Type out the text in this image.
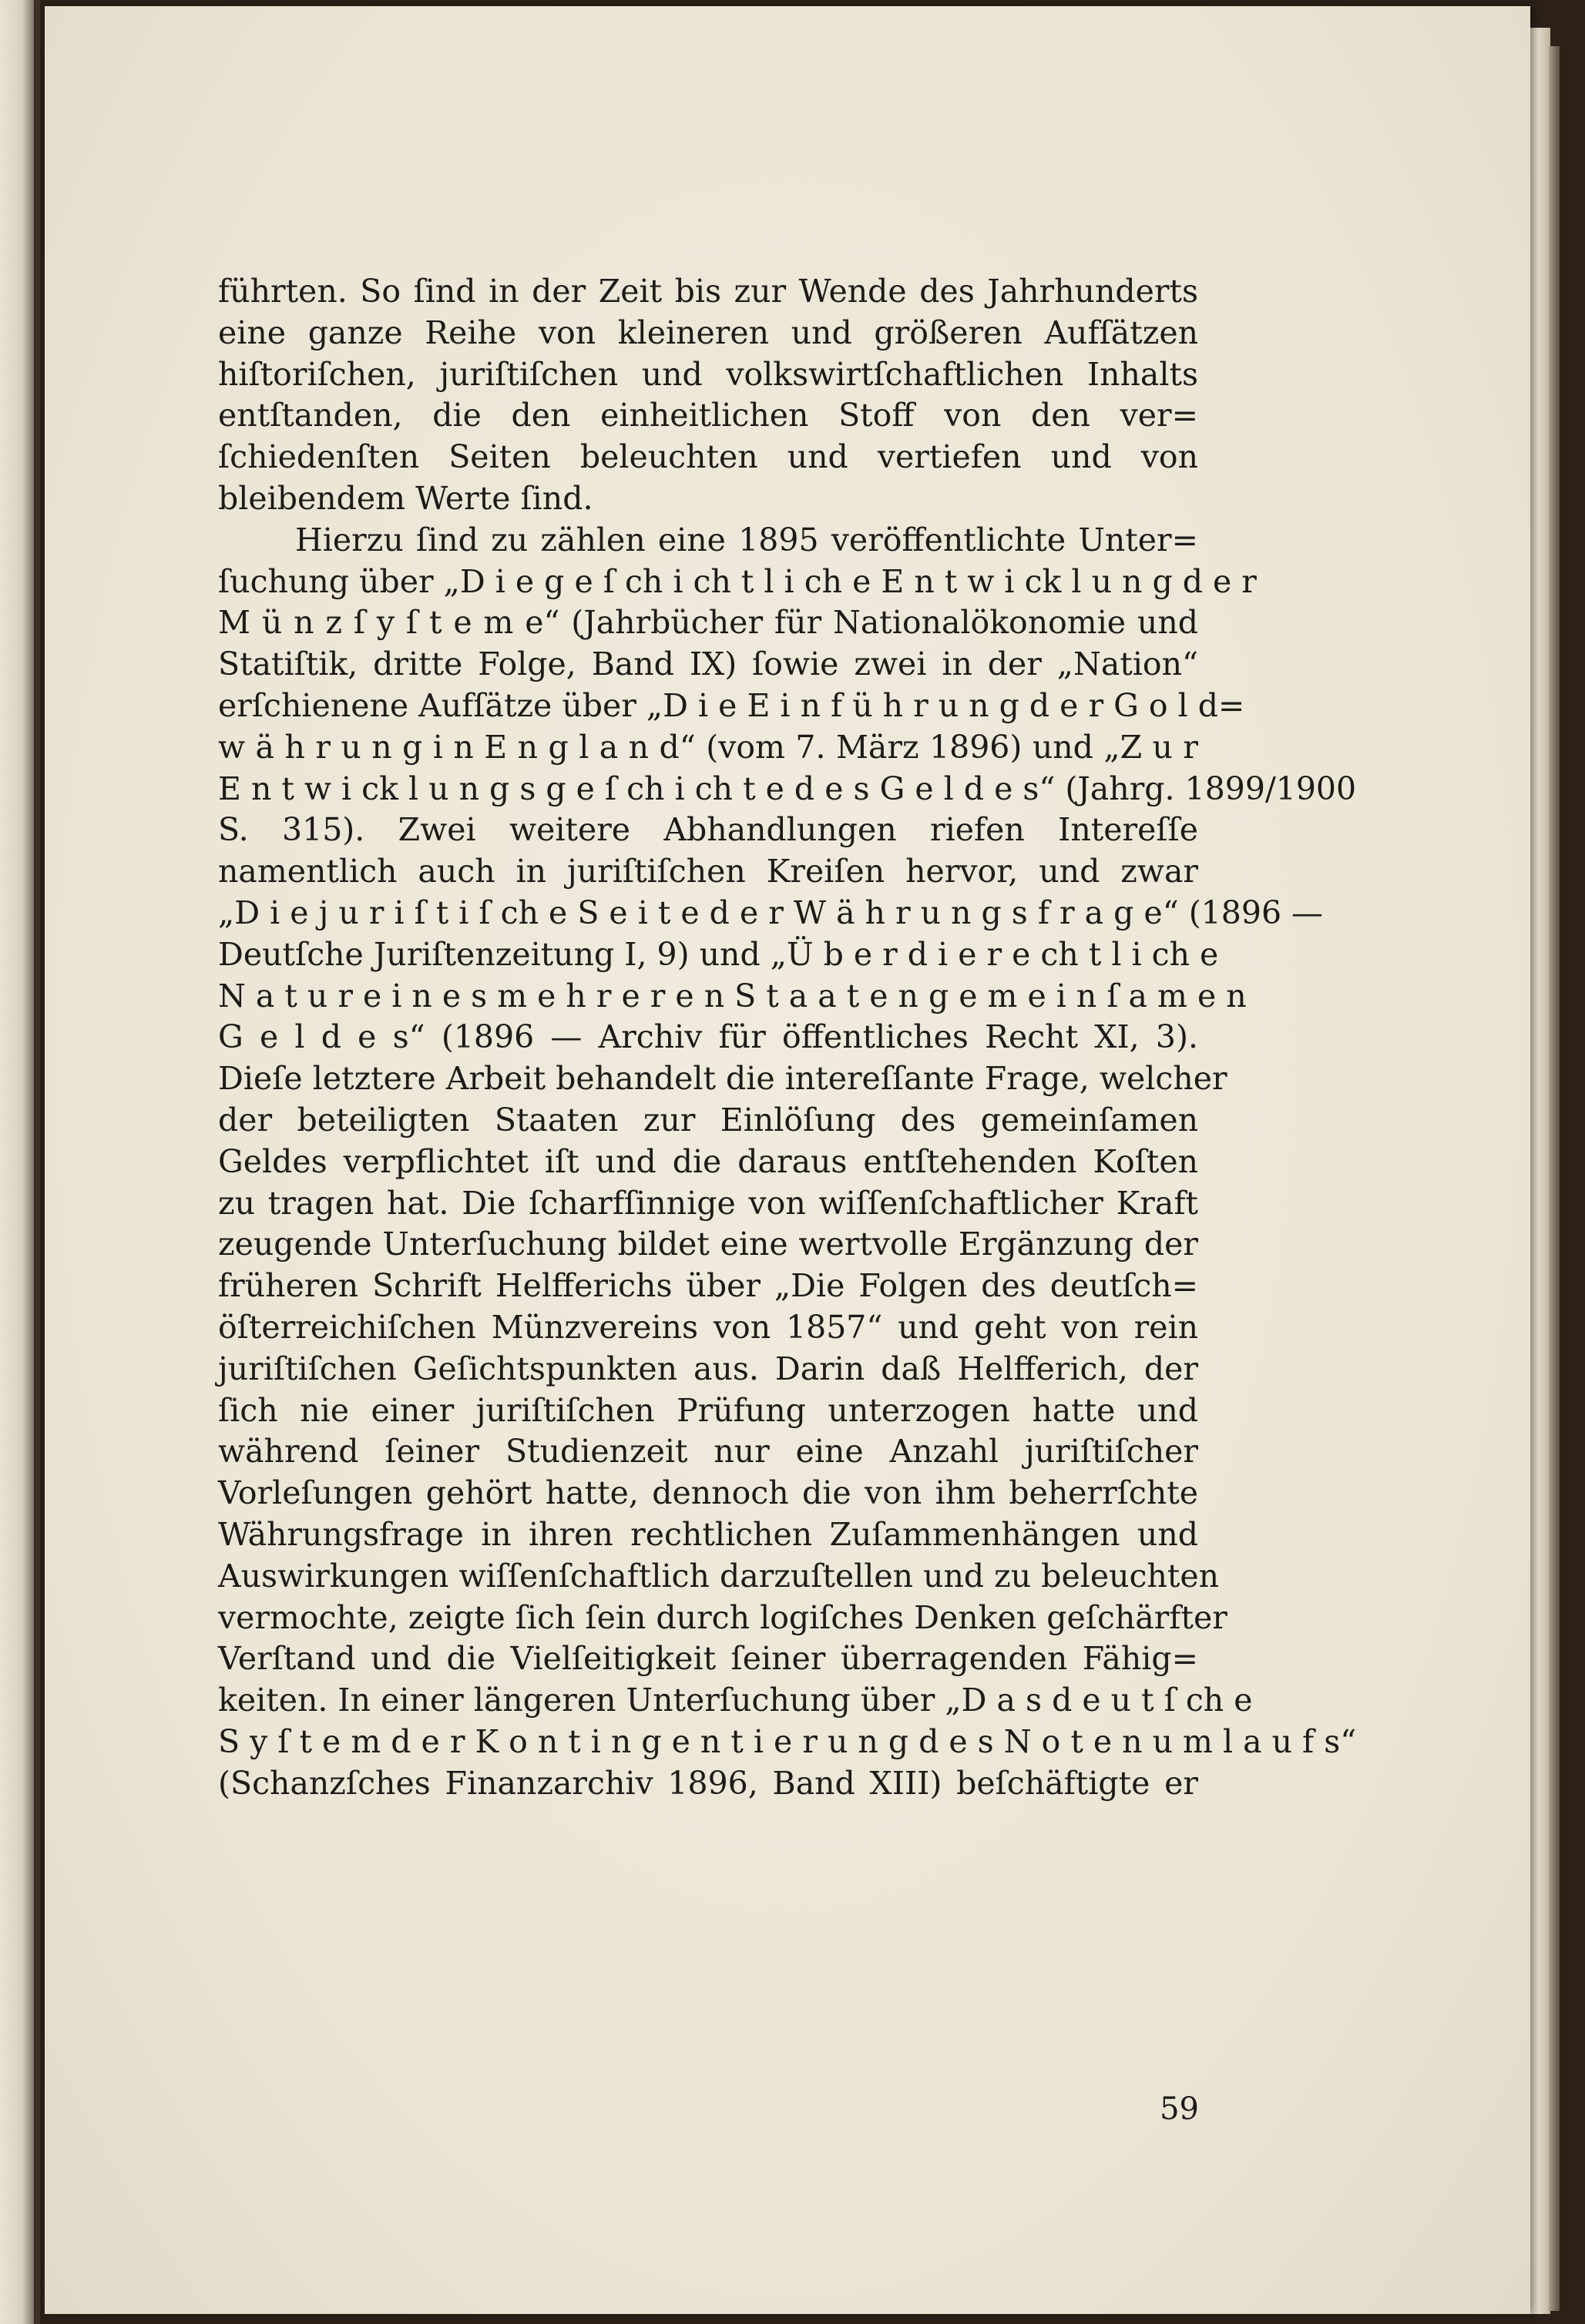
führten. So ſind in der Zeit bis zur Wende des Jahrhunderts
eine ganze Reihe von kleineren und größeren Aufſätzen
hiſtoriſchen, juriſtiſchen und volkswirtſchaftlichen Inhalts
entſtanden, die den einheitlichen Stoff von den ver=
ſchiedenſten Seiten beleuchten und vertiefen und von
bleibendem Werte ſind.
Hierzu ſind zu zählen eine 1895 veröffentlichte Unter=
ſuchung über „D i e g e ſ ch i ch t l i ch e E n t w i ck l u n g d e r
M ü n z ſ y ſ t e m e“ (Jahrbücher für Nationalökonomie und
Statiſtik, dritte Folge, Band IX) ſowie zwei in der „Nation“
erſchienene Aufſätze über „D i e E i n f ü h r u n g d e r G o l d=
w ä h r u n g i n E n g l a n d“ (vom 7. März 1896) und „Z u r
E n t w i ck l u n g s g e ſ ch i ch t e d e s G e l d e s“ (Jahrg. 1899/1900
S. 315). Zwei weitere Abhandlungen riefen Intereſſe
namentlich auch in juriſtiſchen Kreiſen hervor, und zwar
„D i e j u r i ſ t i ſ ch e S e i t e d e r W ä h r u n g s f r a g e“ (1896 —
Deutſche Juriſtenzeitung I, 9) und „Ü b e r d i e r e ch t l i ch e
N a t u r e i n e s m e h r e r e n S t a a t e n g e m e i n ſ a m e n
G e l d e s“ (1896 — Archiv für öffentliches Recht XI, 3).
Dieſe letztere Arbeit behandelt die intereſſante Frage, welcher
der beteiligten Staaten zur Einlöſung des gemeinſamen
Geldes verpflichtet iſt und die daraus entſtehenden Koſten
zu tragen hat. Die ſcharfſinnige von wiſſenſchaftlicher Kraft
zeugende Unterſuchung bildet eine wertvolle Ergänzung der
früheren Schrift Helfferichs über „Die Folgen des deutſch=
öſterreichiſchen Münzvereins von 1857“ und geht von rein
juriſtiſchen Geſichtspunkten aus. Darin daß Helfferich, der
ſich nie einer juriſtiſchen Prüfung unterzogen hatte und
während ſeiner Studienzeit nur eine Anzahl juriſtiſcher
Vorleſungen gehört hatte, dennoch die von ihm beherrſchte
Währungsfrage in ihren rechtlichen Zuſammenhängen und
Auswirkungen wiſſenſchaftlich darzuſtellen und zu beleuchten
vermochte, zeigte ſich ſein durch logiſches Denken geſchärfter
Verſtand und die Vielſeitigkeit ſeiner überragenden Fähig=
keiten. In einer längeren Unterſuchung über „D a s d e u t ſ ch e
S y ſ t e m d e r K o n t i n g e n t i e r u n g d e s N o t e n u m l a u f s“
(Schanzſches Finanzarchiv 1896, Band XIII) beſchäftigte er
59
